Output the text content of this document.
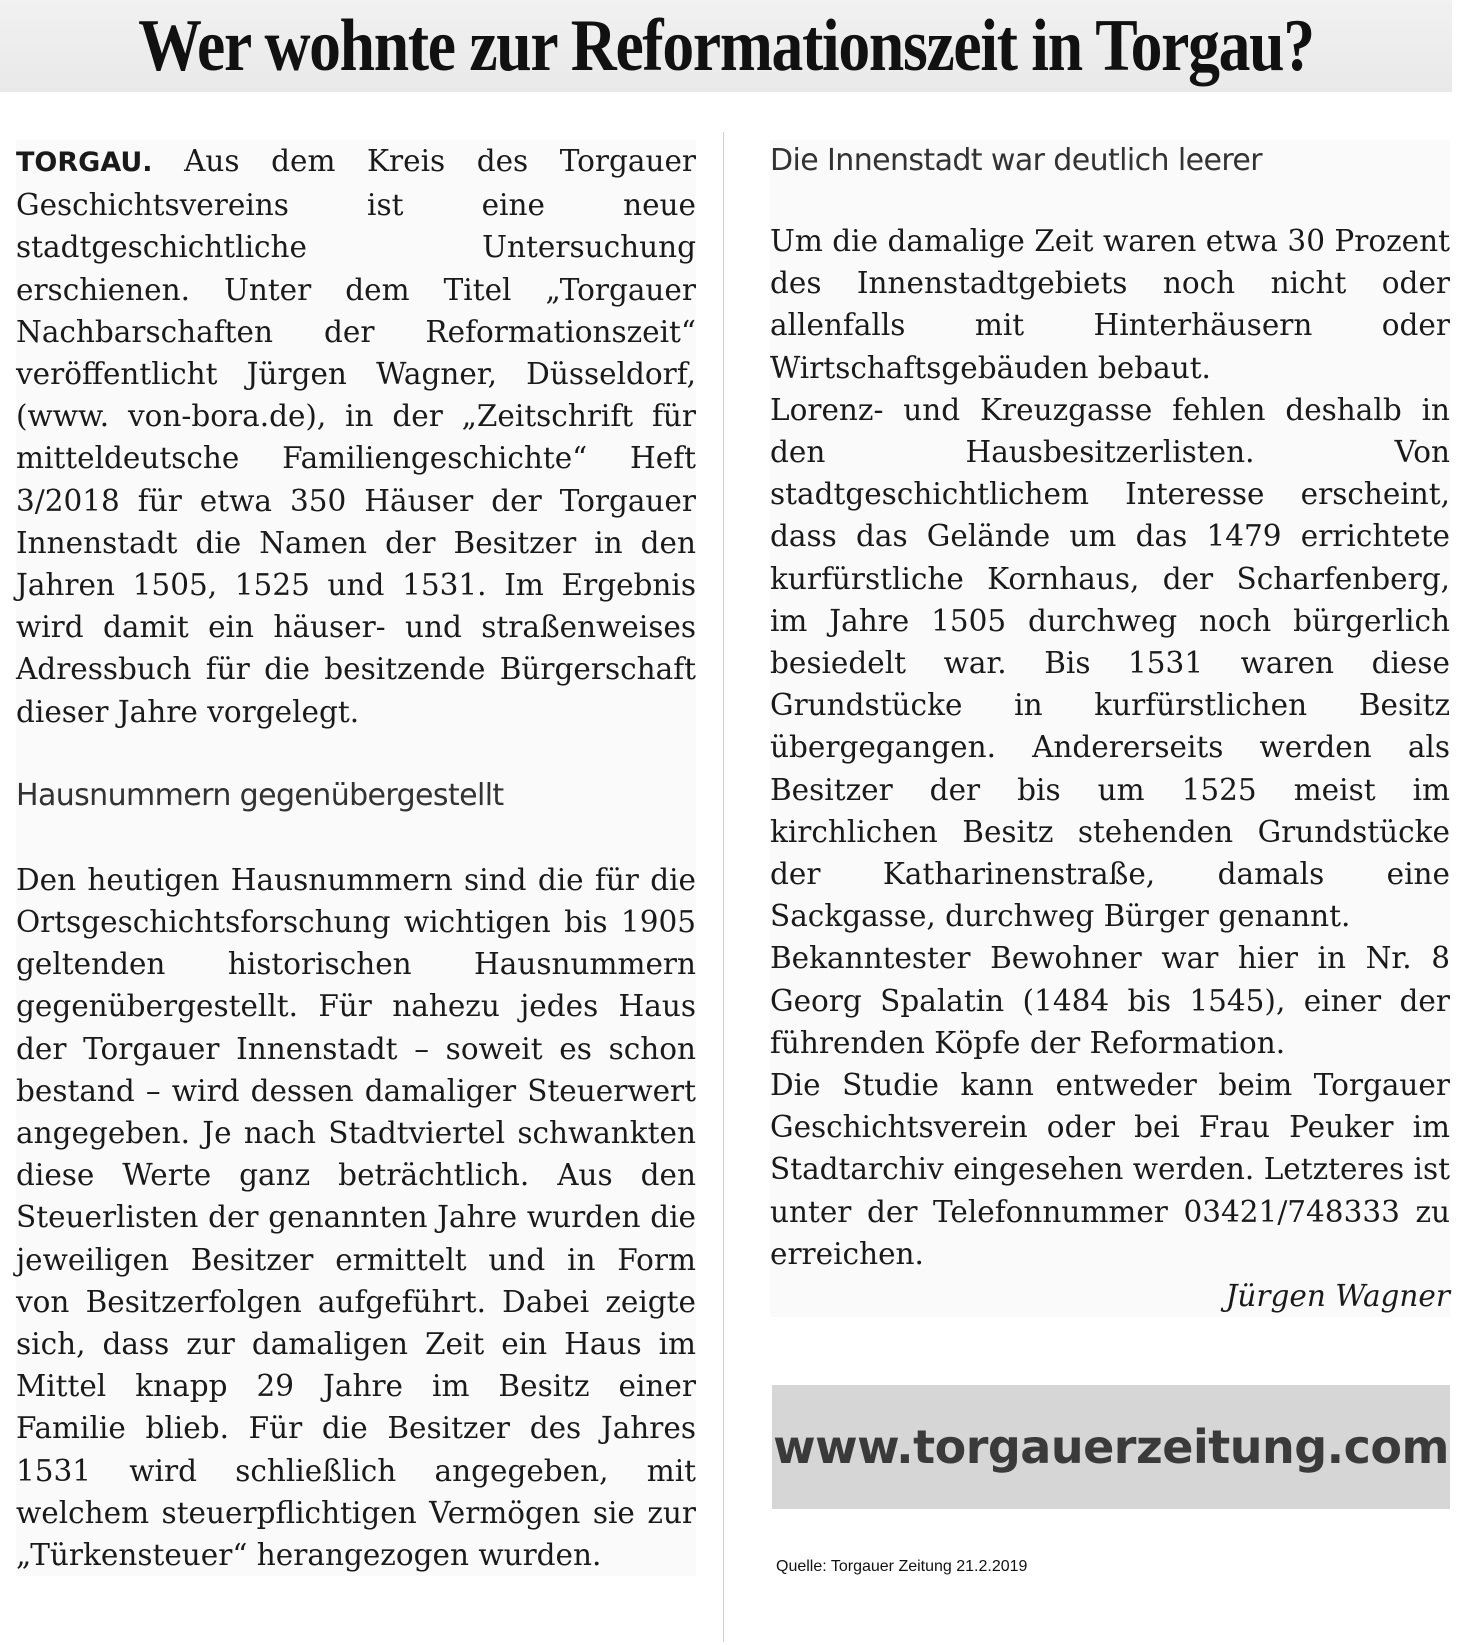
Wer wohnte zur Reformationszeit in Torgau?

TORGAU. Aus dem Kreis des Torgauer Geschichtsvereins ist eine neue stadtgeschichtliche Untersuchung erschienen. Unter dem Titel „Torgauer Nachbarschaften der Reformationszeit“ veröffentlicht Jürgen Wagner, Düsseldorf, (www. von-bora.de), in der „Zeitschrift für mitteldeutsche Familiengeschichte“ Heft 3/2018 für etwa 350 Häuser der Torgauer Innenstadt die Namen der Besitzer in den Jahren 1505, 1525 und 1531. Im Ergebnis wird damit ein häuser- und straßenweises Adressbuch für die besitzende Bürgerschaft dieser Jahre vorgelegt.

Hausnummern gegenübergestellt

Den heutigen Hausnummern sind die für die Ortsgeschichtsforschung wichtigen bis 1905 geltenden historischen Hausnummern gegenübergestellt. Für nahezu jedes Haus der Torgauer Innenstadt – soweit es schon bestand – wird dessen damaliger Steuerwert angegeben. Je nach Stadtviertel schwankten diese Werte ganz beträchtlich. Aus den Steuerlisten der genannten Jahre wurden die jeweiligen Besitzer ermittelt und in Form von Besitzerfolgen aufgeführt. Dabei zeigte sich, dass zur damaligen Zeit ein Haus im Mittel knapp 29 Jahre im Besitz einer Familie blieb. Für die Besitzer des Jahres 1531 wird schließlich angegeben, mit welchem steuerpflichtigen Vermögen sie zur „Türkensteuer“ herangezogen wurden.

Die Innenstadt war deutlich leerer

Um die damalige Zeit waren etwa 30 Prozent des Innenstadtgebiets noch nicht oder allenfalls mit Hinterhäusern oder Wirtschaftsgebäuden bebaut.

Lorenz- und Kreuzgasse fehlen deshalb in den Hausbesitzerlisten. Von stadtgeschichtlichem Interesse erscheint, dass das Gelände um das 1479 errichtete kurfürstliche Kornhaus, der Scharfenberg, im Jahre 1505 durchweg noch bürgerlich besiedelt war. Bis 1531 waren diese Grundstücke in kurfürstlichen Besitz übergegangen. Andererseits werden als Besitzer der bis um 1525 meist im kirchlichen Besitz stehenden Grundstücke der Katharinenstraße, damals eine Sackgasse, durchweg Bürger genannt.

Bekanntester Bewohner war hier in Nr. 8 Georg Spalatin (1484 bis 1545), einer der führenden Köpfe der Reformation.

Die Studie kann entweder beim Torgauer Geschichtsverein oder bei Frau Peuker im Stadtarchiv eingesehen werden. Letzteres ist unter der Telefonnummer 03421/748333 zu erreichen.

Jürgen Wagner

www.torgauerzeitung.com
Quelle: Torgauer Zeitung 21.2.2019
